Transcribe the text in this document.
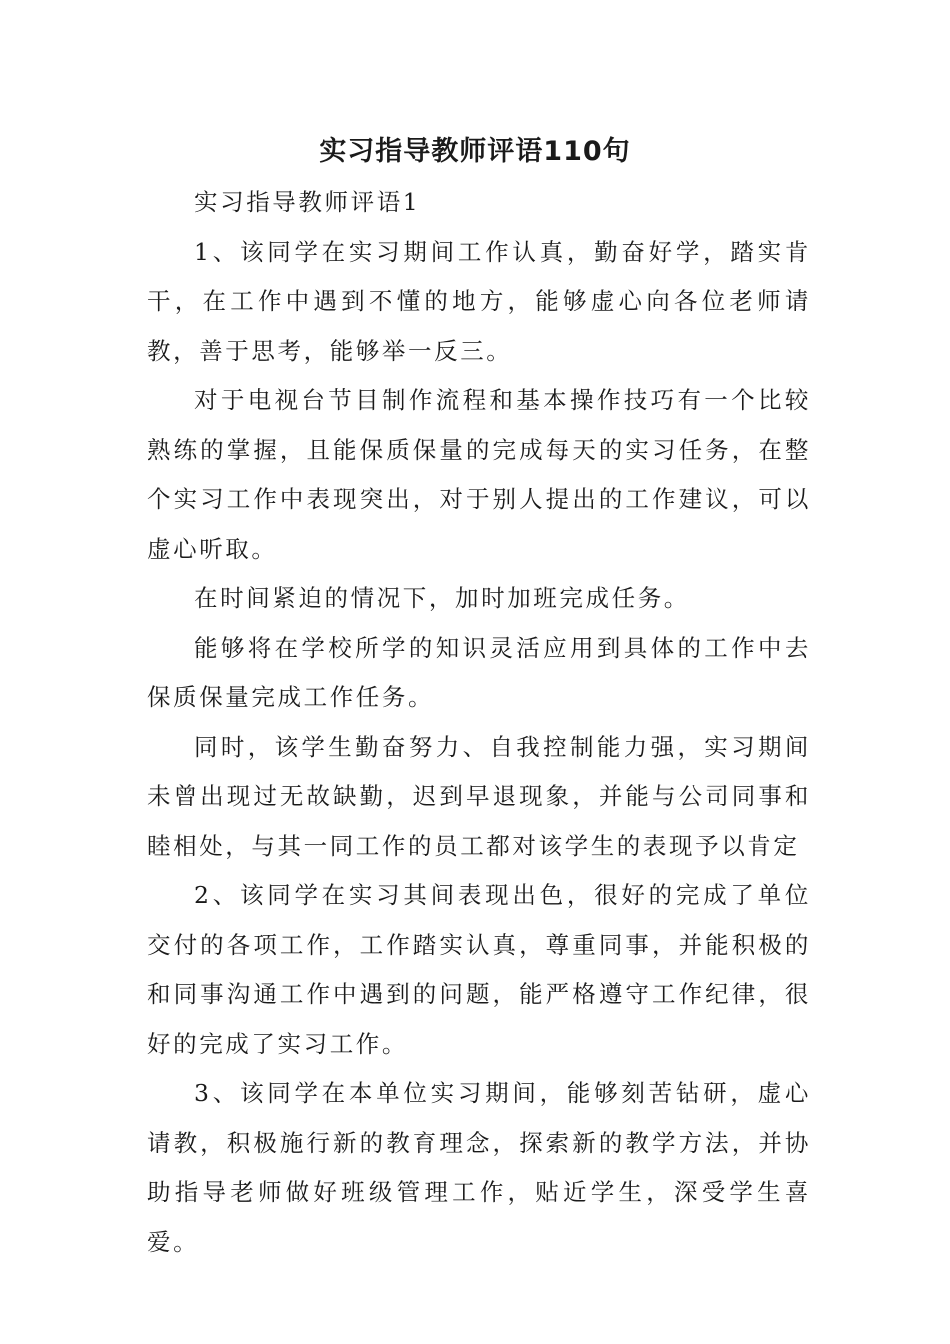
实习指导教师评语110句

实习指导教师评语1

1、该同学在实习期间工作认真，勤奋好学，踏实肯干，在工作中遇到不懂的地方，能够虚心向各位老师请教，善于思考，能够举一反三。

对于电视台节目制作流程和基本操作技巧有一个比较熟练的掌握，且能保质保量的完成每天的实习任务，在整个实习工作中表现突出，对于别人提出的工作建议，可以虚心听取。

在时间紧迫的情况下，加时加班完成任务。

能够将在学校所学的知识灵活应用到具体的工作中去保质保量完成工作任务。

同时，该学生勤奋努力、自我控制能力强，实习期间未曾出现过无故缺勤，迟到早退现象，并能与公司同事和睦相处，与其一同工作的员工都对该学生的表现予以肯定

2、该同学在实习其间表现出色，很好的完成了单位交付的各项工作，工作踏实认真，尊重同事，并能积极的和同事沟通工作中遇到的问题，能严格遵守工作纪律，很好的完成了实习工作。

3、该同学在本单位实习期间，能够刻苦钻研，虚心请教，积极施行新的教育理念，探索新的教学方法，并协助指导老师做好班级管理工作，贴近学生，深受学生喜爱。
